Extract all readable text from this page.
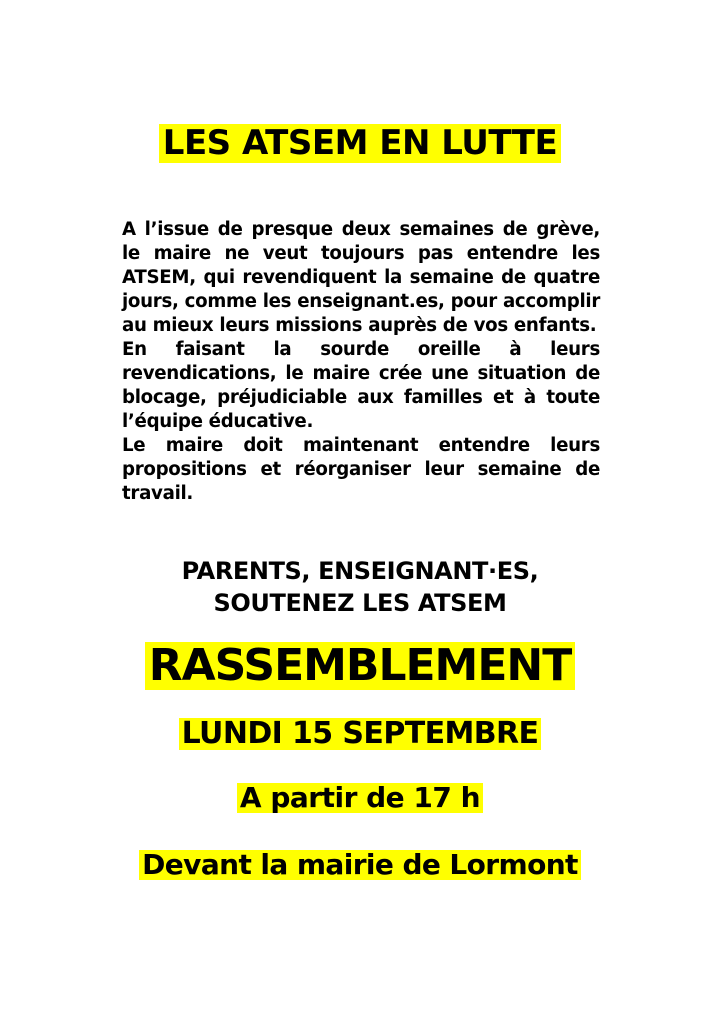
LES ATSEM EN LUTTE

A l’issue de presque deux semaines de grève, le maire ne veut toujours pas entendre les ATSEM, qui revendiquent la semaine de quatre jours, comme les enseignant.es, pour accomplir au mieux leurs missions auprès de vos enfants.

En faisant la sourde oreille à leurs revendications, le maire crée une situation de blocage, préjudiciable aux familles et à toute l’équipe éducative.

Le maire doit maintenant entendre leurs propositions et réorganiser leur semaine de travail.

PARENTS, ENSEIGNANT·ES,
SOUTENEZ LES ATSEM
RASSEMBLEMENT
LUNDI 15 SEPTEMBRE
A partir de 17 h
Devant la mairie de Lormont
